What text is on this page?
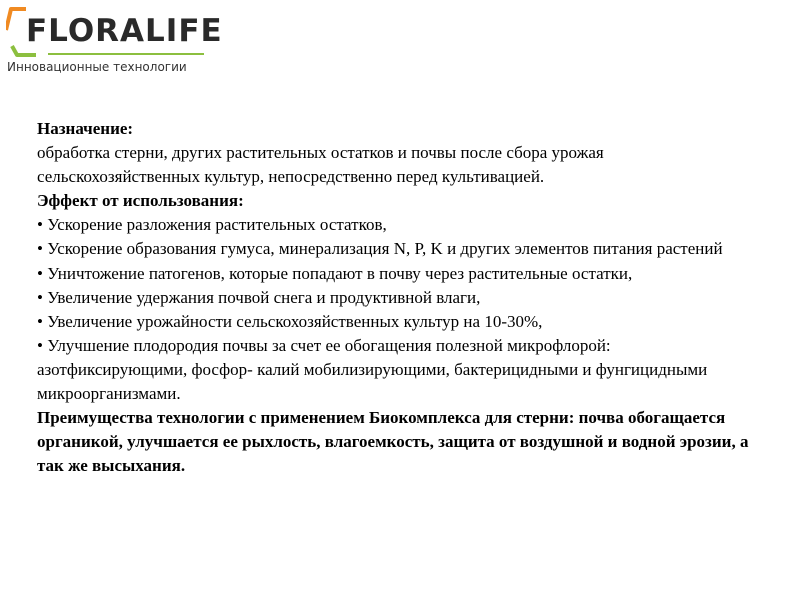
FLORALIFE
Инновационные технологии

Назначение:

обработка стерни, других растительных остатков и почвы после сбора урожая сельскохозяйственных культур, непосредственно перед культивацией.

Эффект от использования:

• Ускорение разложения растительных остатков,

• Ускорение образования гумуса, минерализация N, P, K и других элементов питания растений

• Уничтожение патогенов, которые попадают в почву через растительные остатки,

• Увеличение удержания почвой снега и продуктивной влаги,

• Увеличение урожайности сельскохозяйственных культур на 10-30%,

• Улучшение плодородия почвы за счет ее обогащения полезной микрофлорой: азотфиксирующими, фосфор- калий мобилизирующими, бактерицидными и фунгицидными микроорганизмами.

Преимущества технологии с применением Биокомплекса для стерни: почва обогащается органикой, улучшается ее рыхлость, влагоемкость, защита от воздушной и водной эрозии, а так же высыхания.
